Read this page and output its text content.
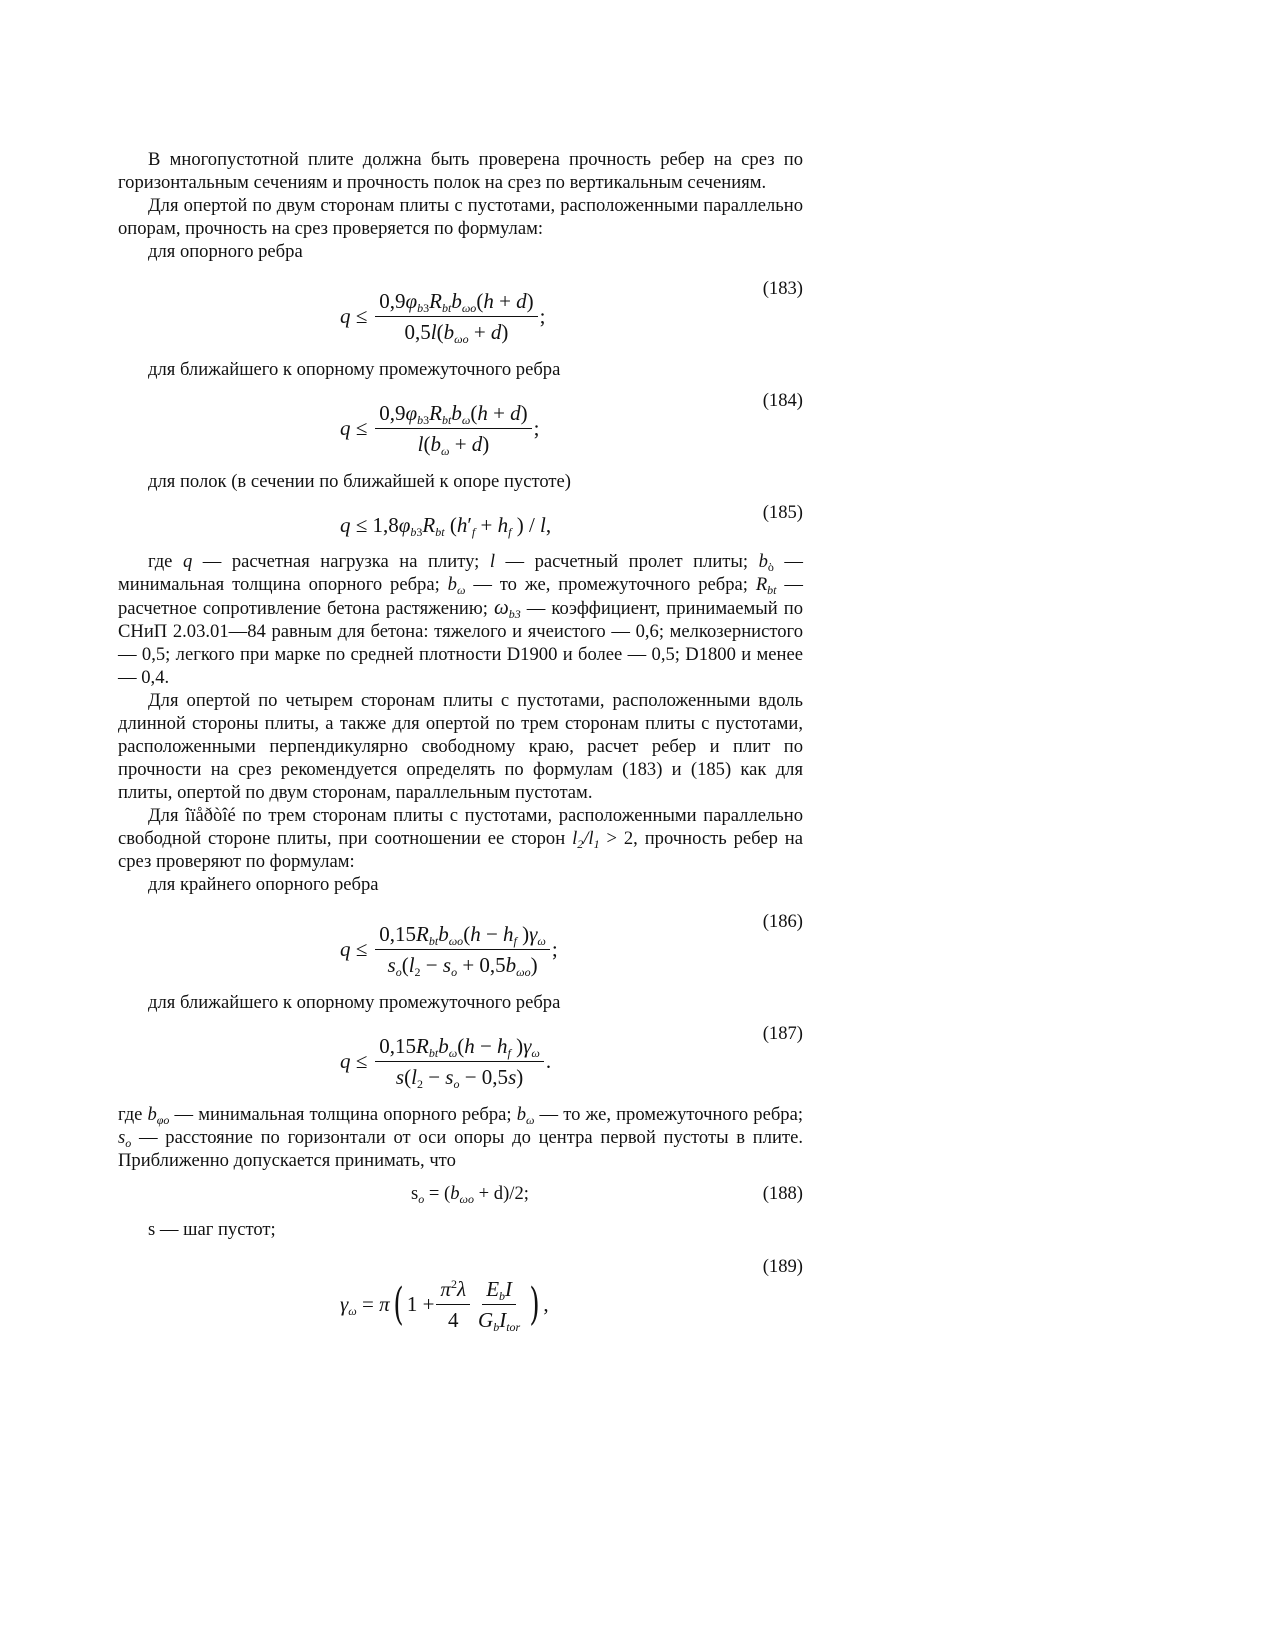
В многопустотной плите должна быть проверена прочность ребер на срез по горизонтальным сечениям и прочность полок на срез по вертикальным сечениям.

Для опертой по двум сторонам плиты с пустотами, расположенными параллельно опорам, прочность на срез проверяется по формулам:

для опорного ребра

(183)
$q \le \frac{0,9\varphi_{b3}R_{bt}b_{\omega o}(h + d)}{0,5l(b_{\omega o} + d)}$ ;

для ближайшего к опорному промежуточного ребра

(184)
$q \le \frac{0,9\varphi_{b3}R_{bt}b_\omega(h + d)}{l(b_\omega + d)}$ ;

для полок (в сечении по ближайшей к опоре пустоте)

(185)
$q \le 1,8\varphi_{b3}R_{bt}$ ($h'_f + h_f$ ) / l,

где q — расчетная нагрузка на плиту; l — расчетный пролет плиты; $b_ὸ$ — минимальная толщина опорного ребра; $b_\omega$ — то же, промежуточного ребра; $R_{bt}$ — расчетное сопротивление бетона растяжению; $\omega_{b3}$ — коэффициент, принимаемый по СНиП 2.03.01—84 равным для бетона: тяжелого и ячеистого — 0,6; мелкозернистого — 0,5; легкого при марке по средней плотности D1900 и более — 0,5; D1800 и менее — 0,4.

Для опертой по четырем сторонам плиты с пустотами, расположенными вдоль длинной стороны плиты, а также для опертой по трем сторонам плиты с пустотами, расположенными перпендикулярно свободному краю, расчет ребер и плит по прочности на срез рекомендуется определять по формулам (183) и (185) как для плиты, опертой по двум сторонам, параллельным пустотам.

Для îïåðòîé по трем сторонам плиты с пустотами, расположенными параллельно свободной стороне плиты, при соотношении ее сторон $l_2/l_1 > 2$, прочность ребер на срез проверяют по формулам:

для крайнего опорного ребра

(186)
$q \le \frac{0,15R_{bt}b_{\omega o}(h - h_f )\gamma_\omega}{s_o(l_2 - s_o + 0,5b_{\omega o})}$ ;

для ближайшего к опорному промежуточного ребра

(187)
$q \le \frac{0,15R_{bt}b_\omega(h - h_f )\gamma_\omega}{s(l_2 - s_o - 0,5s)}$ .

где $b_{\varphi o}$ — минимальная толщина опорного ребра; $b_\omega$ — то же, промежуточного ребра; $s_o$ — расстояние по горизонтали от оси опоры до центра первой пустоты в плите. Приближенно допускается принимать, что

$s_o = (b_{\omega o} + d)/2$;	(188)

s — шаг пустот;

(189)
$\gamma_\omega = \pi$ ( $1 + \frac{\pi^2\lambda}{4} \frac{E_bI}{G_bI_{tor}}$ ) ,
